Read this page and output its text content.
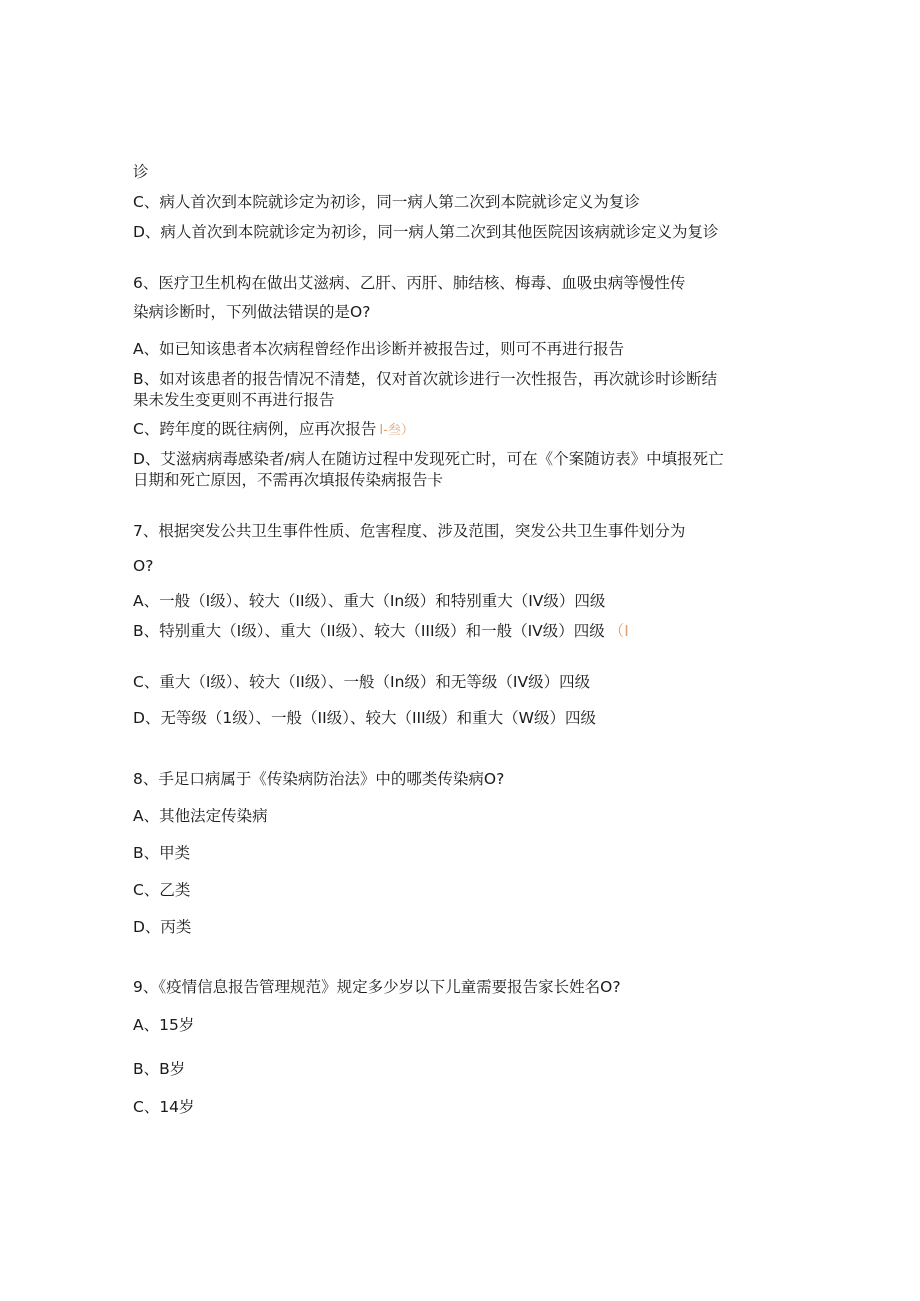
诊
C、病人首次到本院就诊定为初诊，同一病人第二次到本院就诊定义为复诊
D、病人首次到本院就诊定为初诊，同一病人第二次到其他医院因该病就诊定义为复诊
6、医疗卫生机构在做出艾滋病、乙肝、丙肝、肺结核、梅毒、血吸虫病等慢性传
染病诊断时，下列做法错误的是O?
A、如已知该患者本次病程曾经作出诊断并被报告过，则可不再进行报告
B、如对该患者的报告情况不清楚，仅对首次就诊进行一次性报告，再次就诊时诊断结
果未发生变更则不再进行报告
C、跨年度的既往病例，应再次报告 I-叁）
D、艾滋病病毒感染者/病人在随访过程中发现死亡时，可在《个案随访表》中填报死亡
日期和死亡原因，不需再次填报传染病报告卡
7、根据突发公共卫生事件性质、危害程度、涉及范围，突发公共卫生事件划分为
O?
A、一般（I级）、较大（II级）、重大（In级）和特别重大（IV级）四级
B、特别重大（I级）、重大（II级）、较大（III级）和一般（IV级）四级 （I
C、重大（I级）、较大（II级）、一般（In级）和无等级（IV级）四级
D、无等级（1级）、一般（II级）、较大（III级）和重大（W级）四级
8、手足口病属于《传染病防治法》中的哪类传染病O?
A、其他法定传染病
B、甲类
C、乙类
D、丙类
9、《疫情信息报告管理规范》规定多少岁以下儿童需要报告家长姓名O?
A、15岁
B、B岁
C、14岁
